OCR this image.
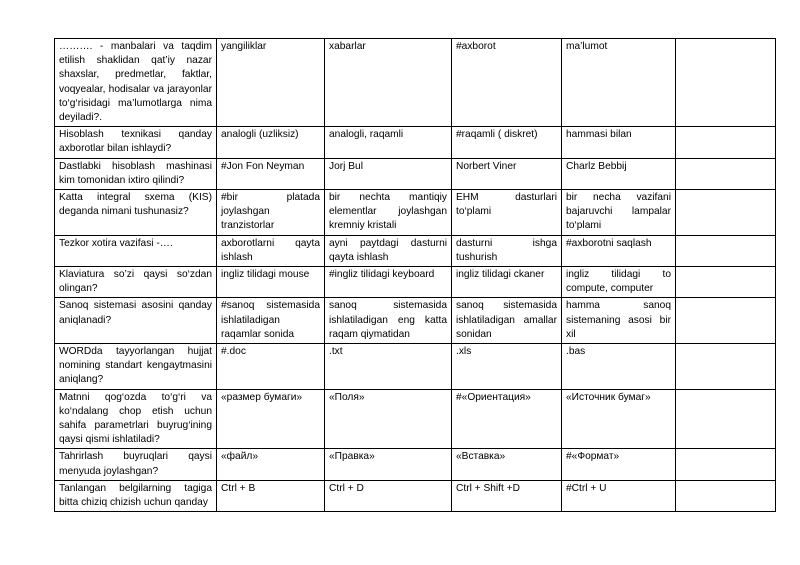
………. - manbalari va taqdim etilish shaklidan qat’iy nazar shaxslar, predmetlar, faktlar, voqyealar, hodisalar va jarayonlar to‘g‘risidagi ma’lumotlarga nima deyiladi?.	yangiliklar	xabarlar	#axborot	ma’lumot	
Hisoblash texnikasi qanday axborotlar bilan ishlaydi?	analogli (uzliksiz)	analogli, raqamli	#raqamli ( diskret)	hammasi bilan	
Dastlabki hisoblash mashinasi kim tomonidan ixtiro qilindi?	#Jon Fon Neyman	Jorj Bul	Norbert Viner	Charlz Bebbij	
Katta integral sxema (KIS) deganda nimani tushunasiz?	#bir platada joylashgan tranzistorlar	bir nechta mantiqiy elementlar joylashgan kremniy kristali	EHM dasturlari to‘plami	bir necha vazifani bajaruvchi lampalar to‘plami	
Tezkor xotira vazifasi -….	axborotlarni qayta ishlash	ayni paytdagi dasturni qayta ishlash	dasturni ishga tushurish	#axborotni saqlash	
Klaviatura so’zi qaysi so‘zdan olingan?	ingliz tilidagi mouse	#ingliz tilidagi keyboard	ingliz tilidagi ckaner	ingliz tilidagi to compute, computer	
Sanoq sistemasi asosini qanday aniqlanadi?	#sanoq sistemasida ishlatiladigan raqamlar sonida	sanoq sistemasida ishlatiladigan eng katta raqam qiymatidan	sanoq sistemasida ishlatiladigan amallar sonidan	hamma sanoq sistemaning asosi bir xil	
WORDda tayyorlangan hujjat nomining standart kengaytmasini aniqlang?	#.doc	.txt	.xls	.bas	
Matnni qog‘ozda to‘g‘ri va ko‘ndalang chop etish uchun sahifa parametrlari buyrug‘ining qaysi qismi ishlatiladi?	«размер бумаги»	«Поля»	#«Ориентация»	«Источник бумаг»	
Tahrirlash buyruqlari qaysi menyuda joylashgan?	«файл»	«Правка»	«Вставка»	#«Формат»	
Tanlangan belgilarning tagiga bitta chiziq chizish uchun qanday	Ctrl + B	Ctrl + D	Ctrl + Shift +D	#Ctrl + U	
